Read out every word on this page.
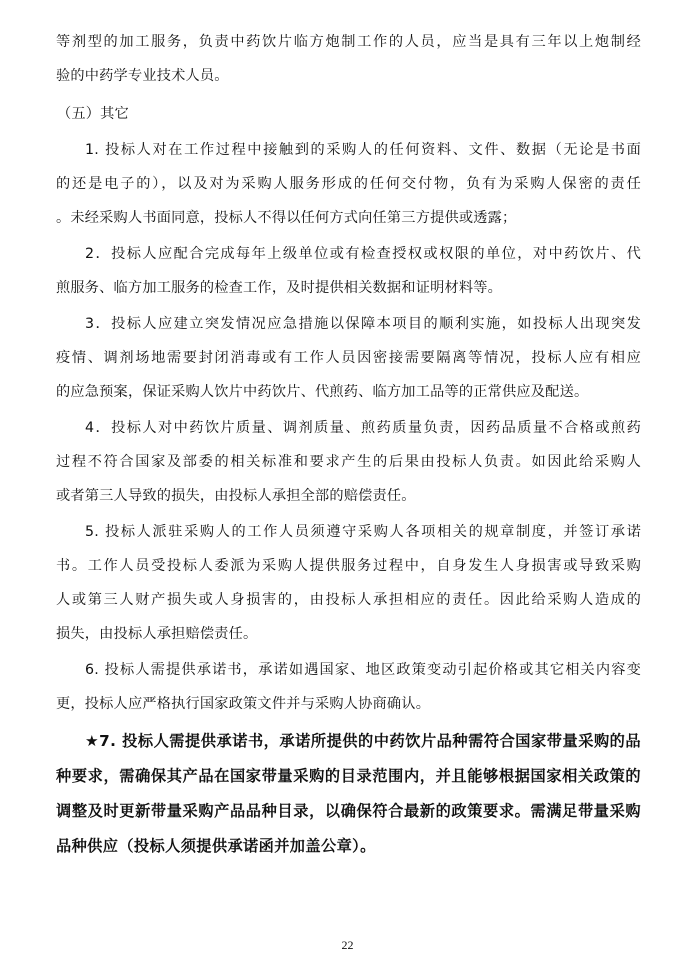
等剂型的加工服务，负责中药饮片临方炮制工作的人员，应当是具有三年以上炮制经
验的中药学专业技术人员。
（五）其它
1. 投标人对在工作过程中接触到的采购人的任何资料、文件、数据（无论是书面
的还是电子的），以及对为采购人服务形成的任何交付物，负有为采购人保密的责任
。未经采购人书面同意，投标人不得以任何方式向任第三方提供或透露；
2．投标人应配合完成每年上级单位或有检查授权或权限的单位，对中药饮片、代
煎服务、临方加工服务的检查工作，及时提供相关数据和证明材料等。
3．投标人应建立突发情况应急措施以保障本项目的顺利实施，如投标人出现突发
疫情、调剂场地需要封闭消毒或有工作人员因密接需要隔离等情况，投标人应有相应
的应急预案，保证采购人饮片中药饮片、代煎药、临方加工品等的正常供应及配送。
4．投标人对中药饮片质量、调剂质量、煎药质量负责，因药品质量不合格或煎药
过程不符合国家及部委的相关标准和要求产生的后果由投标人负责。如因此给采购人
或者第三人导致的损失，由投标人承担全部的赔偿责任。
5. 投标人派驻采购人的工作人员须遵守采购人各项相关的规章制度，并签订承诺
书。工作人员受投标人委派为采购人提供服务过程中，自身发生人身损害或导致采购
人或第三人财产损失或人身损害的，由投标人承担相应的责任。因此给采购人造成的
损失，由投标人承担赔偿责任。
6. 投标人需提供承诺书，承诺如遇国家、地区政策变动引起价格或其它相关内容变
更，投标人应严格执行国家政策文件并与采购人协商确认。
★7. 投标人需提供承诺书，承诺所提供的中药饮片品种需符合国家带量采购的品
种要求，需确保其产品在国家带量采购的目录范围内，并且能够根据国家相关政策的
调整及时更新带量采购产品品种目录，以确保符合最新的政策要求。需满足带量采购
品种供应（投标人须提供承诺函并加盖公章）。
22
